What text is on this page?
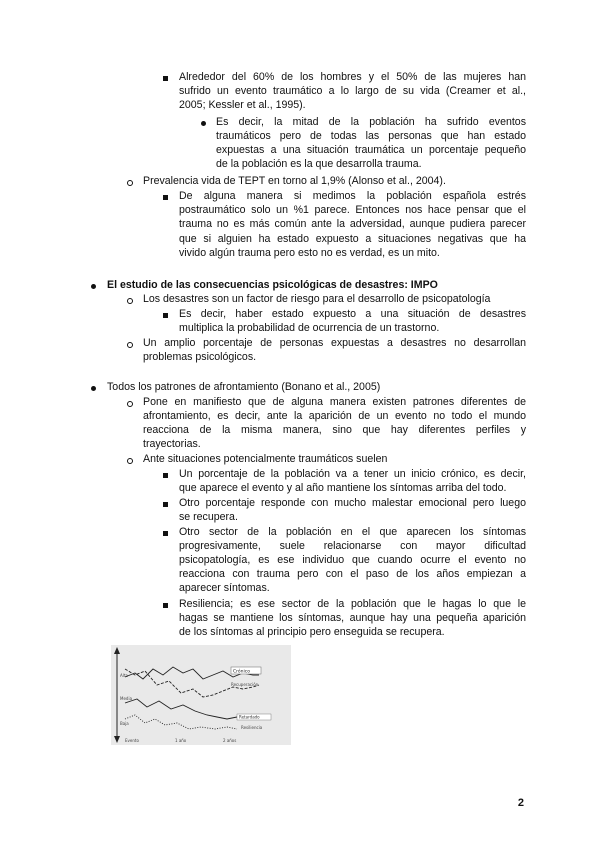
Alrededor del 60% de los hombres y el 50% de las mujeres han
sufrido un evento traumático a lo largo de su vida (Creamer et al.,
2005; Kessler et al., 1995).
Es decir, la mitad de la población ha sufrido eventos
traumáticos pero de todas las personas que han estado
expuestas a una situación traumática un porcentaje pequeño
de la población es la que desarrolla trauma.
Prevalencia vida de TEPT en torno al 1,9% (Alonso et al., 2004).
De alguna manera si medimos la población española estrés
postraumático solo un %1 parece. Entonces nos hace pensar que el
trauma no es más común ante la adversidad, aunque pudiera parecer
que si alguien ha estado expuesto a situaciones negativas que ha
vivido algún trauma pero esto no es verdad, es un mito.
El estudio de las consecuencias psicológicas de desastres: IMPO
Los desastres son un factor de riesgo para el desarrollo de psicopatología
Es decir, haber estado expuesto a una situación de desastres
multiplica la probabilidad de ocurrencia de un trastorno.
Un amplio porcentaje de personas expuestas a desastres no desarrollan
problemas psicológicos.
Todos los patrones de afrontamiento (Bonano et al., 2005)
Pone en manifiesto que de alguna manera existen patrones diferentes de
afrontamiento, es decir, ante la aparición de un evento no todo el mundo
reacciona de la misma manera, sino que hay diferentes perfiles y
trayectorias.
Ante situaciones potencialmente traumáticos suelen
Un porcentaje de la población va a tener un inicio crónico, es decir,
que aparece el evento y al año mantiene los síntomas arriba del todo.
Otro porcentaje responde con mucho malestar emocional pero luego
se recupera.
Otro sector de la población en el que aparecen los síntomas
progresivamente, suele relacionarse con mayor dificultad
psicopatología, es ese individuo que cuando ocurre el evento no
reacciona con trauma pero con el paso de los años empiezan a
aparecer síntomas.
Resiliencia; es ese sector de la población que le hagas lo que le
hagas se mantiene los síntomas, aunque hay una pequeña aparición
de los síntomas al principio pero enseguida se recupera.
Alta
Media
Baja
Crónico
Recuperación
Retardado
Resiliencia
Evento	1 año	2 años
2
